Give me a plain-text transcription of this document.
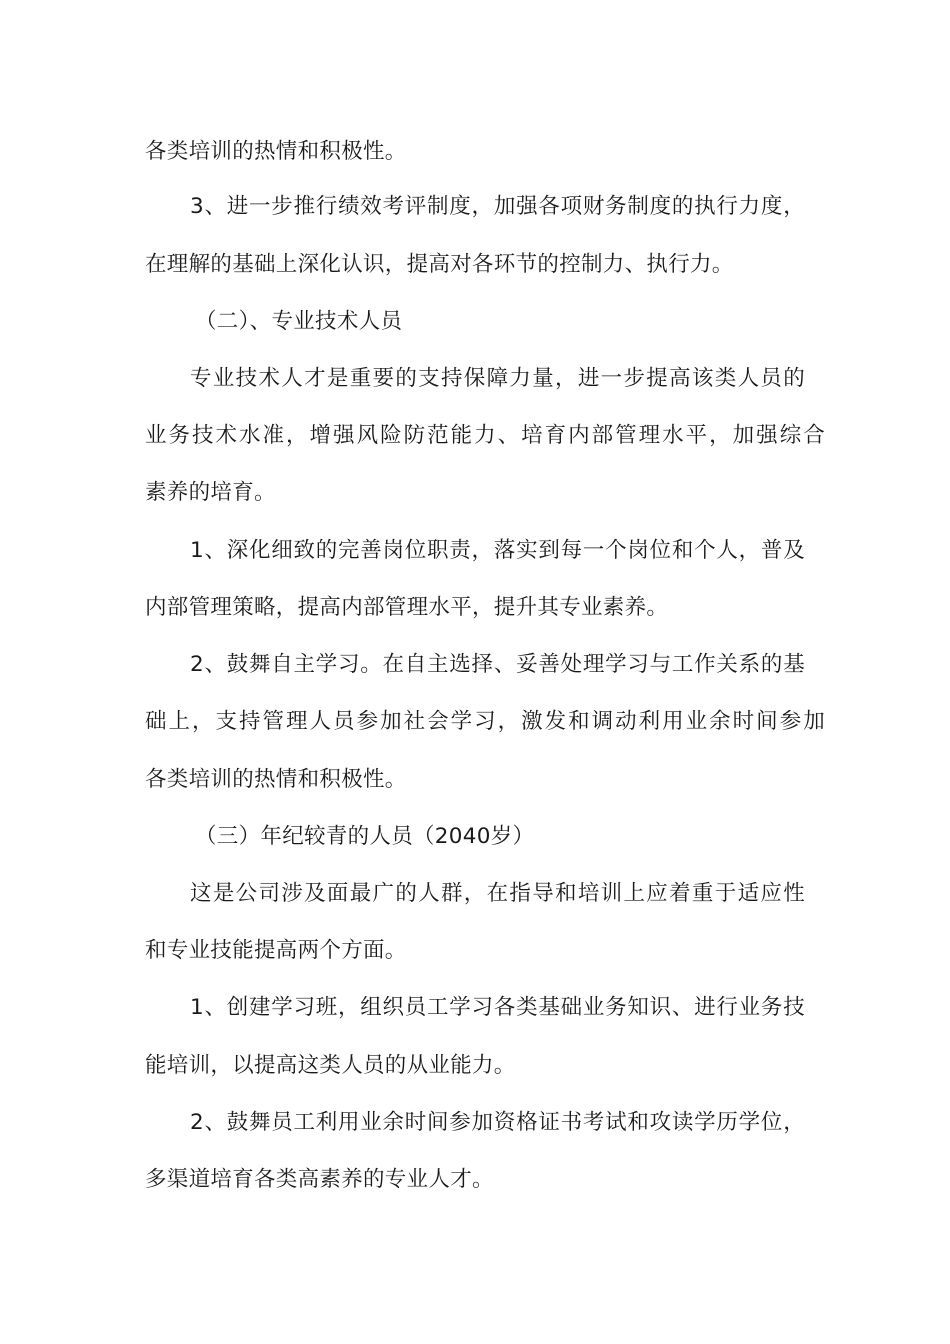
各类培训的热情和积极性。
3、进一步推行绩效考评制度，加强各项财务制度的执行力度，
在理解的基础上深化认识，提高对各环节的控制力、执行力。
（二）、专业技术人员
专业技术人才是重要的支持保障力量，进一步提高该类人员的
业务技术水准，增强风险防范能力、培育内部管理水平，加强综合
素养的培育。
1、深化细致的完善岗位职责，落实到每一个岗位和个人，普及
内部管理策略，提高内部管理水平，提升其专业素养。
2、鼓舞自主学习。在自主选择、妥善处理学习与工作关系的基
础上，支持管理人员参加社会学习，激发和调动利用业余时间参加
各类培训的热情和积极性。
（三）年纪较青的人员（2040岁）
这是公司涉及面最广的人群，在指导和培训上应着重于适应性
和专业技能提高两个方面。
1、创建学习班，组织员工学习各类基础业务知识、进行业务技
能培训，以提高这类人员的从业能力。
2、鼓舞员工利用业余时间参加资格证书考试和攻读学历学位，
多渠道培育各类高素养的专业人才。
